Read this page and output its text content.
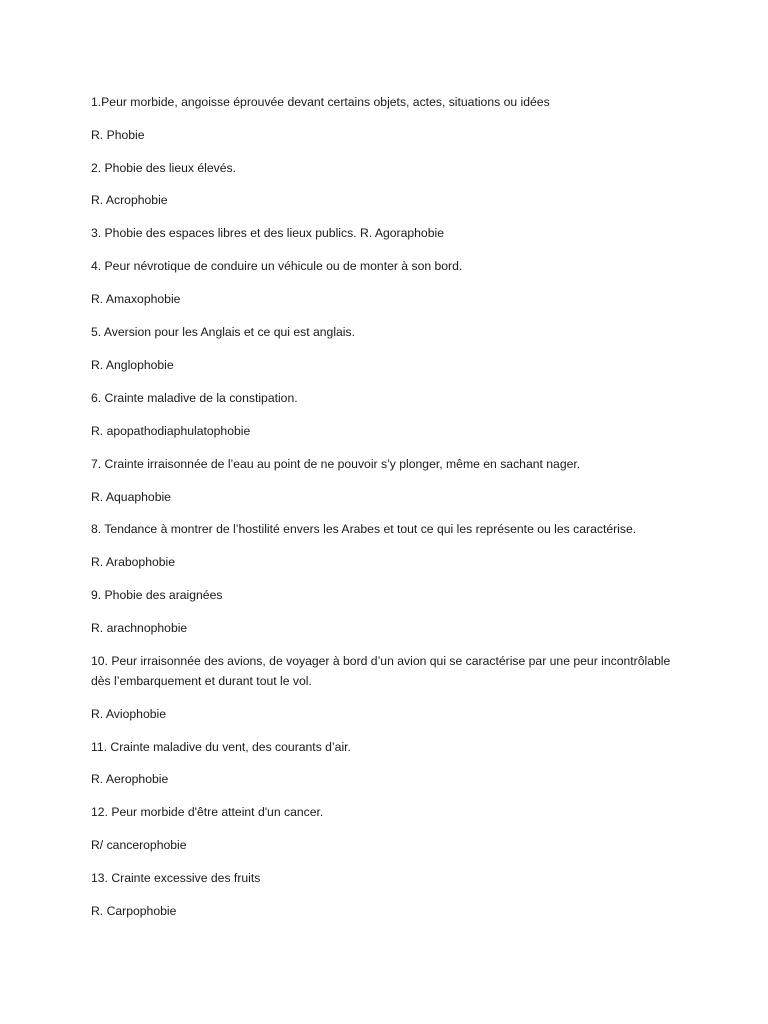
1.Peur morbide, angoisse éprouvée devant certains objets, actes, situations ou idées

R. Phobie

2. Phobie des lieux élevés.

R. Acrophobie

3. Phobie des espaces libres et des lieux publics. R. Agoraphobie

4. Peur névrotique de conduire un véhicule ou de monter à son bord.

R. Amaxophobie

5. Aversion pour les Anglais et ce qui est anglais.

R. Anglophobie

6. Crainte maladive de la constipation.

R. apopathodiaphulatophobie

7. Crainte irraisonnée de l’eau au point de ne pouvoir s’y plonger, même en sachant nager.

R. Aquaphobie

8. Tendance à montrer de l’hostilité envers les Arabes et tout ce qui les représente ou les caractérise.

R. Arabophobie

9. Phobie des araignées

R. arachnophobie

10. Peur irraisonnée des avions, de voyager à bord d’un avion qui se caractérise par une peur incontrôlable dès l’embarquement et durant tout le vol.

R. Aviophobie

11. Crainte maladive du vent, des courants d’air.

R. Aerophobie

12. Peur morbide d'être atteint d'un cancer.

R/ cancerophobie

13. Crainte excessive des fruits

R. Carpophobie
